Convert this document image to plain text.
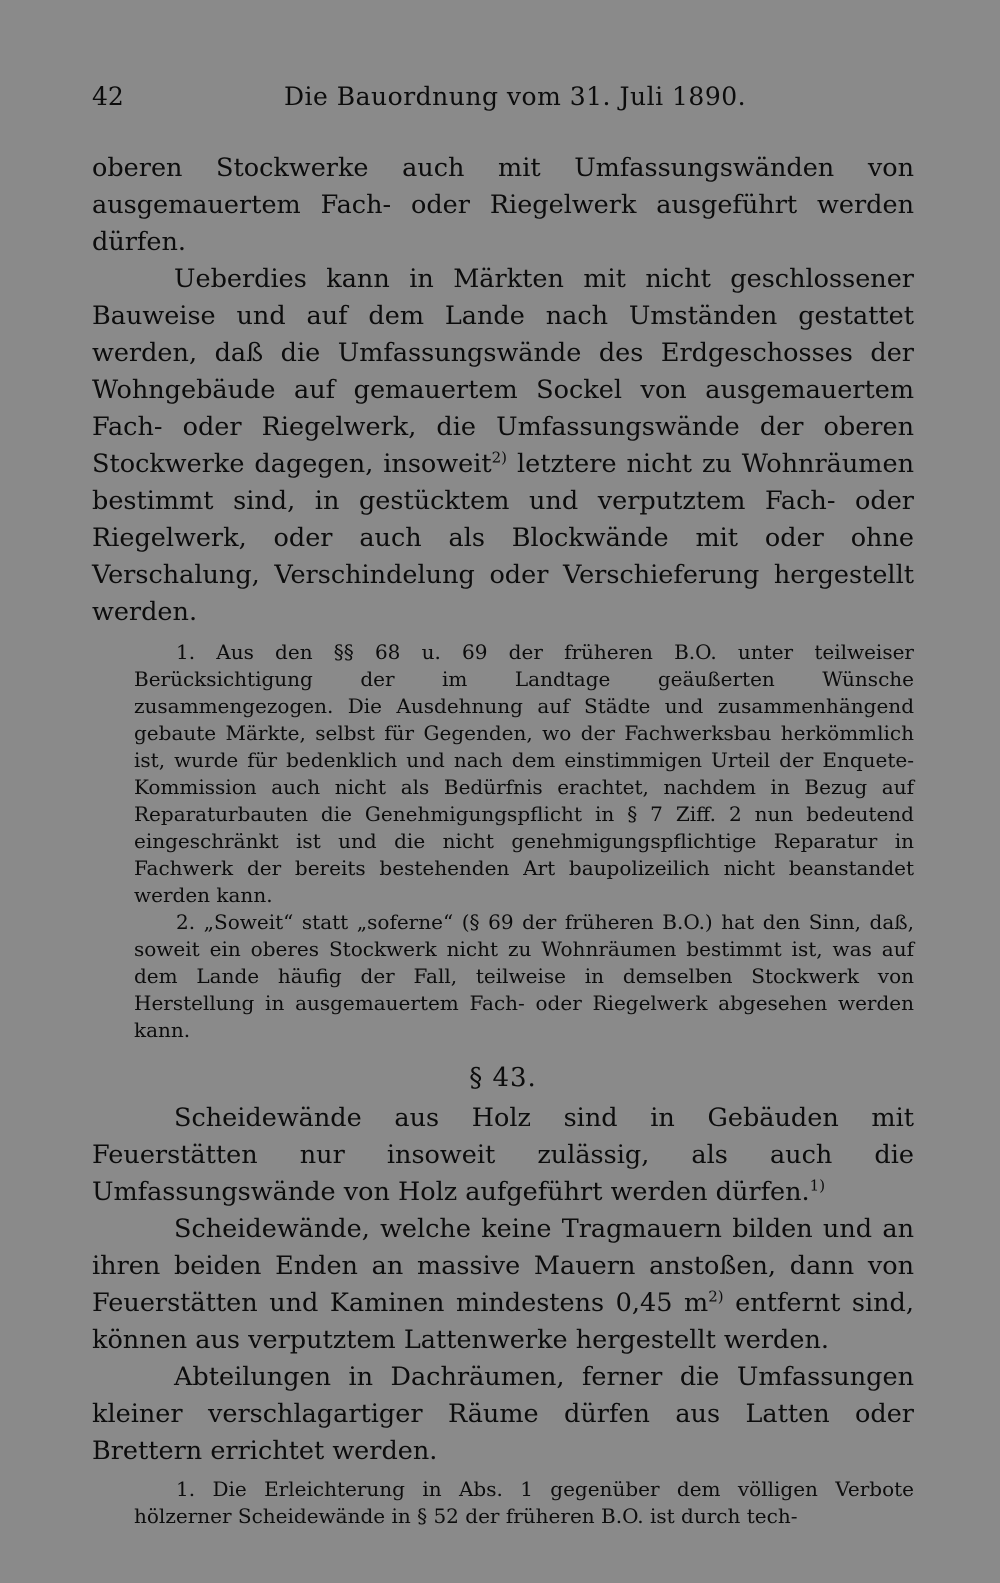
42	Die Bauordnung vom 31. Juli 1890.

oberen Stockwerke auch mit Umfassungswänden von ausgemauertem Fach- oder Riegelwerk ausgeführt werden dürfen.

Ueberdies kann in Märkten mit nicht geschlossener Bauweise und auf dem Lande nach Umständen gestattet werden, daß die Umfassungswände des Erdgeschosses der Wohngebäude auf gemauertem Sockel von ausgemauertem Fach- oder Riegelwerk, die Umfassungswände der oberen Stockwerke dagegen, insoweit$^{2)}$ letztere nicht zu Wohnräumen bestimmt sind, in gestücktem und verputztem Fach- oder Riegelwerk, oder auch als Blockwände mit oder ohne Verschalung, Verschindelung oder Verschieferung hergestellt werden.

1. Aus den §§ 68 u. 69 der früheren B.O. unter teilweiser Berücksichtigung der im Landtage geäußerten Wünsche zusammengezogen. Die Ausdehnung auf Städte und zusammenhängend gebaute Märkte, selbst für Gegenden, wo der Fachwerksbau herkömmlich ist, wurde für bedenklich und nach dem einstimmigen Urteil der Enquete-Kommission auch nicht als Bedürfnis erachtet, nachdem in Bezug auf Reparaturbauten die Genehmigungspflicht in § 7 Ziff. 2 nun bedeutend eingeschränkt ist und die nicht genehmigungspflichtige Reparatur in Fachwerk der bereits bestehenden Art baupolizeilich nicht beanstandet werden kann.

2. „Soweit“ statt „soferne“ (§ 69 der früheren B.O.) hat den Sinn, daß, soweit ein oberes Stockwerk nicht zu Wohnräumen bestimmt ist, was auf dem Lande häufig der Fall, teilweise in demselben Stockwerk von Herstellung in ausgemauertem Fach- oder Riegelwerk abgesehen werden kann.

§ 43.

Scheidewände aus Holz sind in Gebäuden mit Feuerstätten nur insoweit zulässig, als auch die Umfassungswände von Holz aufgeführt werden dürfen.$^{1)}$

Scheidewände, welche keine Tragmauern bilden und an ihren beiden Enden an massive Mauern anstoßen, dann von Feuerstätten und Kaminen mindestens 0,45 $m^{2)}$ entfernt sind, können aus verputztem Lattenwerke hergestellt werden.

Abteilungen in Dachräumen, ferner die Umfassungen kleiner verschlagartiger Räume dürfen aus Latten oder Brettern errichtet werden.

1. Die Erleichterung in Abs. 1 gegenüber dem völligen Verbote hölzerner Scheidewände in § 52 der früheren B.O. ist durch tech-
